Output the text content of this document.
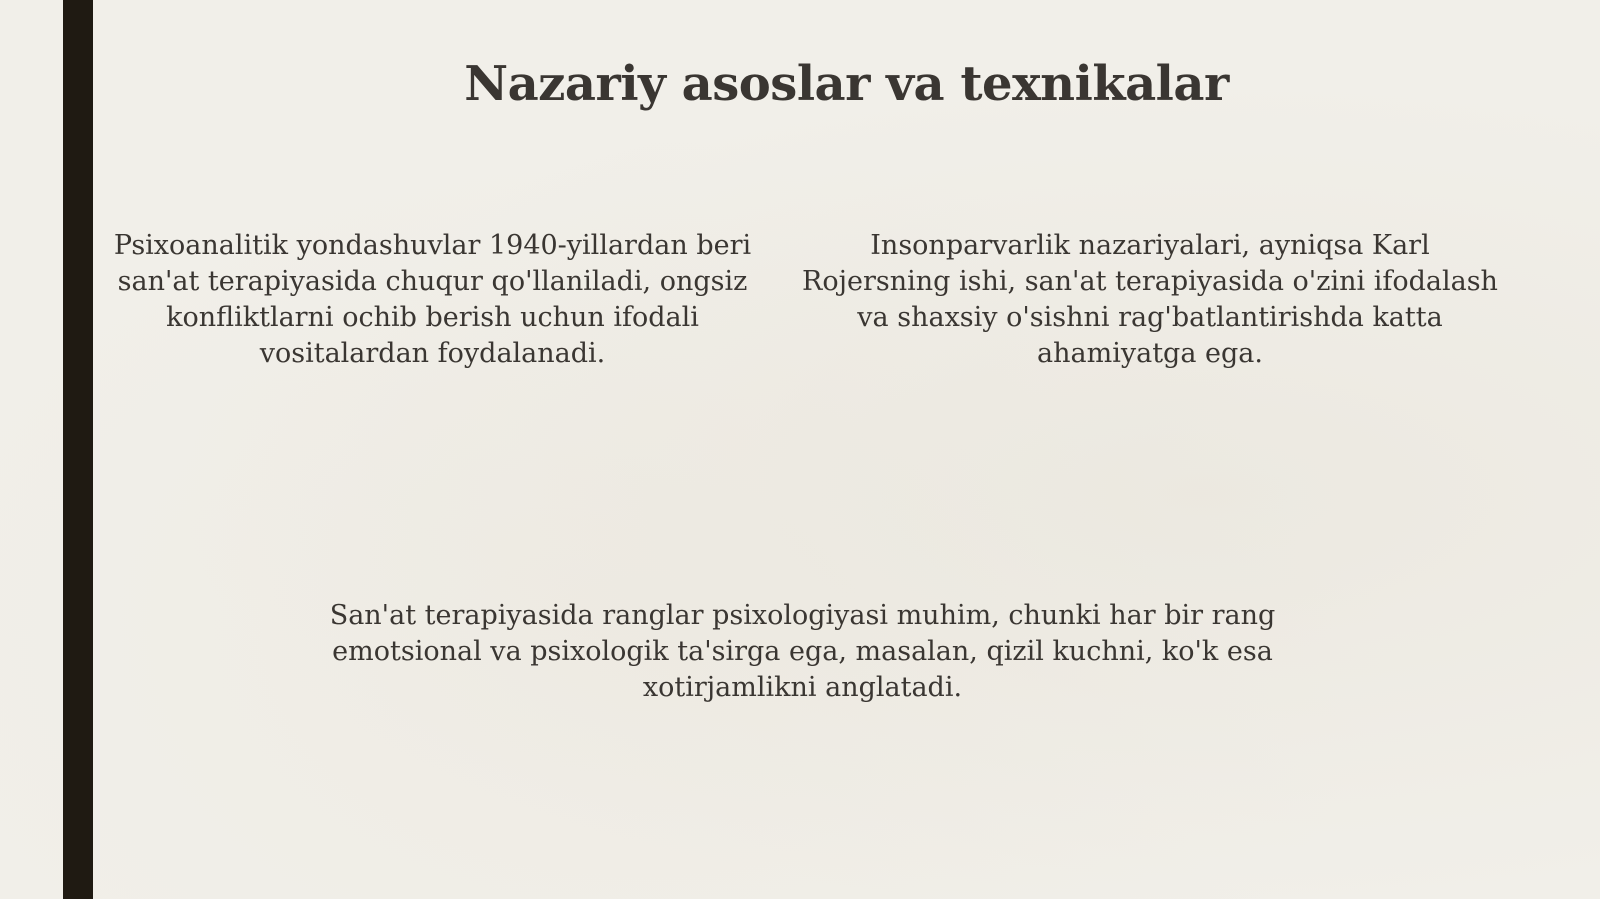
Nazariy asoslar va texnikalar

Psixoanalitik yondashuvlar 1940-yillardan beri san'at terapiyasida chuqur qo'llaniladi, ongsiz konfliktlarni ochib berish uchun ifodali vositalardan foydalanadi.

Insonparvarlik nazariyalari, ayniqsa Karl Rojersning ishi, san'at terapiyasida o'zini ifodalash va shaxsiy o'sishni rag'batlantirishda katta ahamiyatga ega.

San'at terapiyasida ranglar psixologiyasi muhim, chunki har bir rang emotsional va psixologik ta'sirga ega, masalan, qizil kuchni, ko'k esa xotirjamlikni anglatadi.
